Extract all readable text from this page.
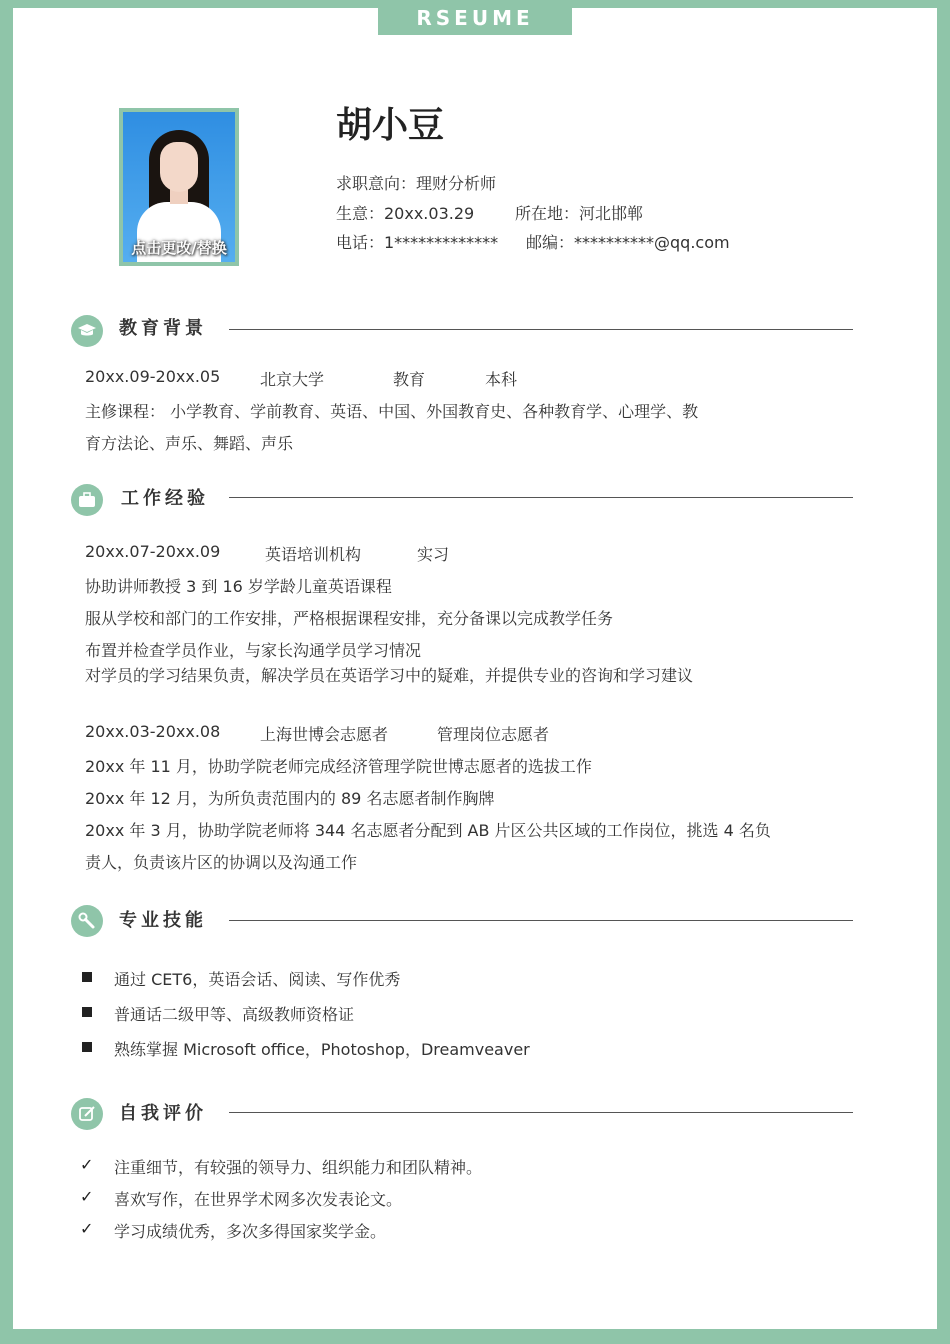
RSEUME
点击更改/替换
胡小豆
求职意向：理财分析师
生意：20xx.03.29	所在地：河北邯郸
电话：1************* 邮编：**********@qq.com
教育背景
20xx.09-20xx.05 北京大学	教育	本科
主修课程： 小学教育、学前教育、英语、中国、外国教育史、各种教育学、心理学、教
育方法论、声乐、舞蹈、声乐
工作经验
20xx.07-20xx.09	英语培训机构	实习
协助讲师教授 3 到 16 岁学龄儿童英语课程
服从学校和部门的工作安排，严格根据课程安排，充分备课以完成教学任务
布置并检查学员作业，与家长沟通学员学习情况
对学员的学习结果负责，解决学员在英语学习中的疑难，并提供专业的咨询和学习建议
20xx.03-20xx.08 上海世博会志愿者	管理岗位志愿者
20xx 年 11 月，协助学院老师完成经济管理学院世博志愿者的选拔工作
20xx 年 12 月，为所负责范围内的 89 名志愿者制作胸牌
20xx 年 3 月，协助学院老师将 344 名志愿者分配到 AB 片区公共区域的工作岗位，挑选 4 名负
责人，负责该片区的协调以及沟通工作
专业技能
通过 CET6，英语会话、阅读、写作优秀
普通话二级甲等、高级教师资格证
熟练掌握 Microsoft office，Photoshop，Dreamveaver
自我评价
✓ 注重细节，有较强的领导力、组织能力和团队精神。
✓ 喜欢写作，在世界学术网多次发表论文。
✓ 学习成绩优秀，多次多得国家奖学金。
